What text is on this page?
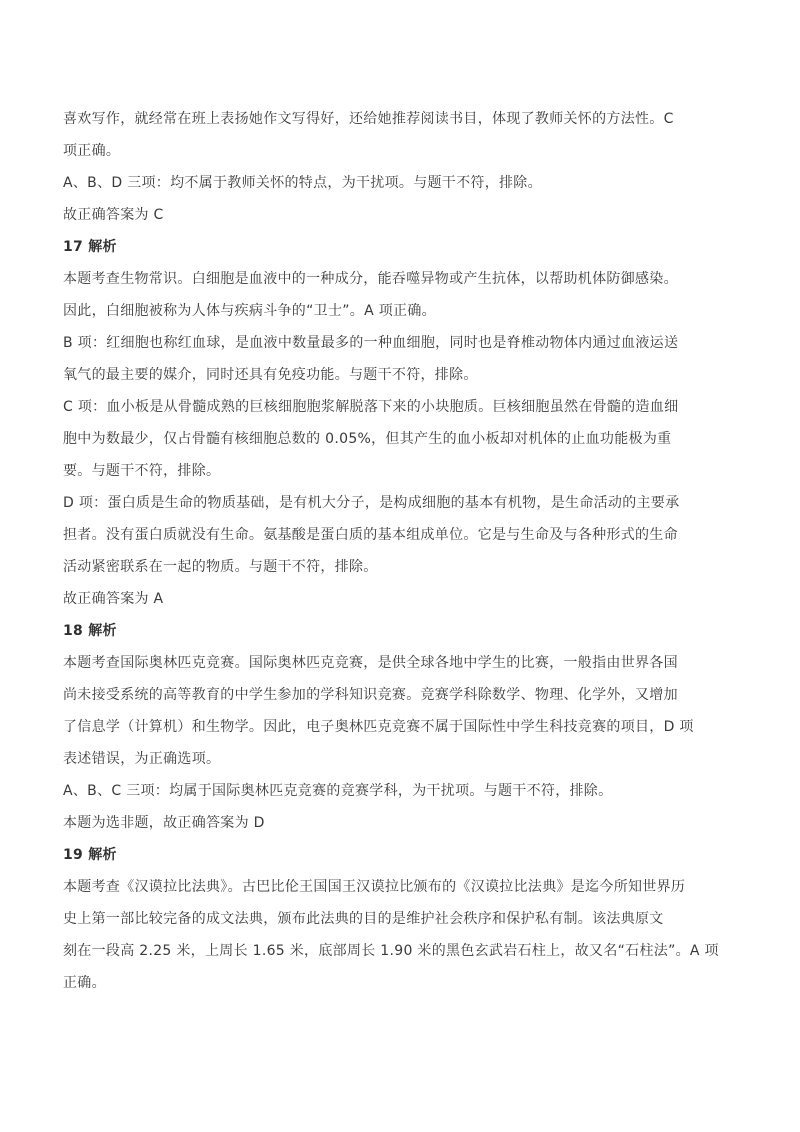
喜欢写作，就经常在班上表扬她作文写得好，还给她推荐阅读书目，体现了教师关怀的方法性。C
项正确。
A、B、D 三项：均不属于教师关怀的特点，为干扰项。与题干不符，排除。
故正确答案为 C
17 解析
本题考查生物常识。白细胞是血液中的一种成分，能吞噬异物或产生抗体，以帮助机体防御感染。
因此，白细胞被称为人体与疾病斗争的“卫士”。A 项正确。
B 项：红细胞也称红血球，是血液中数量最多的一种血细胞，同时也是脊椎动物体内通过血液运送
氧气的最主要的媒介，同时还具有免疫功能。与题干不符，排除。
C 项：血小板是从骨髓成熟的巨核细胞胞浆解脱落下来的小块胞质。巨核细胞虽然在骨髓的造血细
胞中为数最少，仅占骨髓有核细胞总数的 0.05%，但其产生的血小板却对机体的止血功能极为重
要。与题干不符，排除。
D 项：蛋白质是生命的物质基础，是有机大分子，是构成细胞的基本有机物，是生命活动的主要承
担者。没有蛋白质就没有生命。氨基酸是蛋白质的基本组成单位。它是与生命及与各种形式的生命
活动紧密联系在一起的物质。与题干不符，排除。
故正确答案为 A
18 解析
本题考查国际奥林匹克竞赛。国际奥林匹克竞赛，是供全球各地中学生的比赛，一般指由世界各国
尚未接受系统的高等教育的中学生参加的学科知识竞赛。竞赛学科除数学、物理、化学外，又增加
了信息学（计算机）和生物学。因此，电子奥林匹克竞赛不属于国际性中学生科技竞赛的项目，D 项
表述错误，为正确选项。
A、B、C 三项：均属于国际奥林匹克竞赛的竞赛学科，为干扰项。与题干不符，排除。
本题为选非题，故正确答案为 D
19 解析
本题考查《汉谟拉比法典》。古巴比伦王国国王汉谟拉比颁布的《汉谟拉比法典》是迄今所知世界历
史上第一部比较完备的成文法典，颁布此法典的目的是维护社会秩序和保护私有制。该法典原文
刻在一段高 2.25 米，上周长 1.65 米，底部周长 1.90 米的黑色玄武岩石柱上，故又名“石柱法”。A 项
正确。
